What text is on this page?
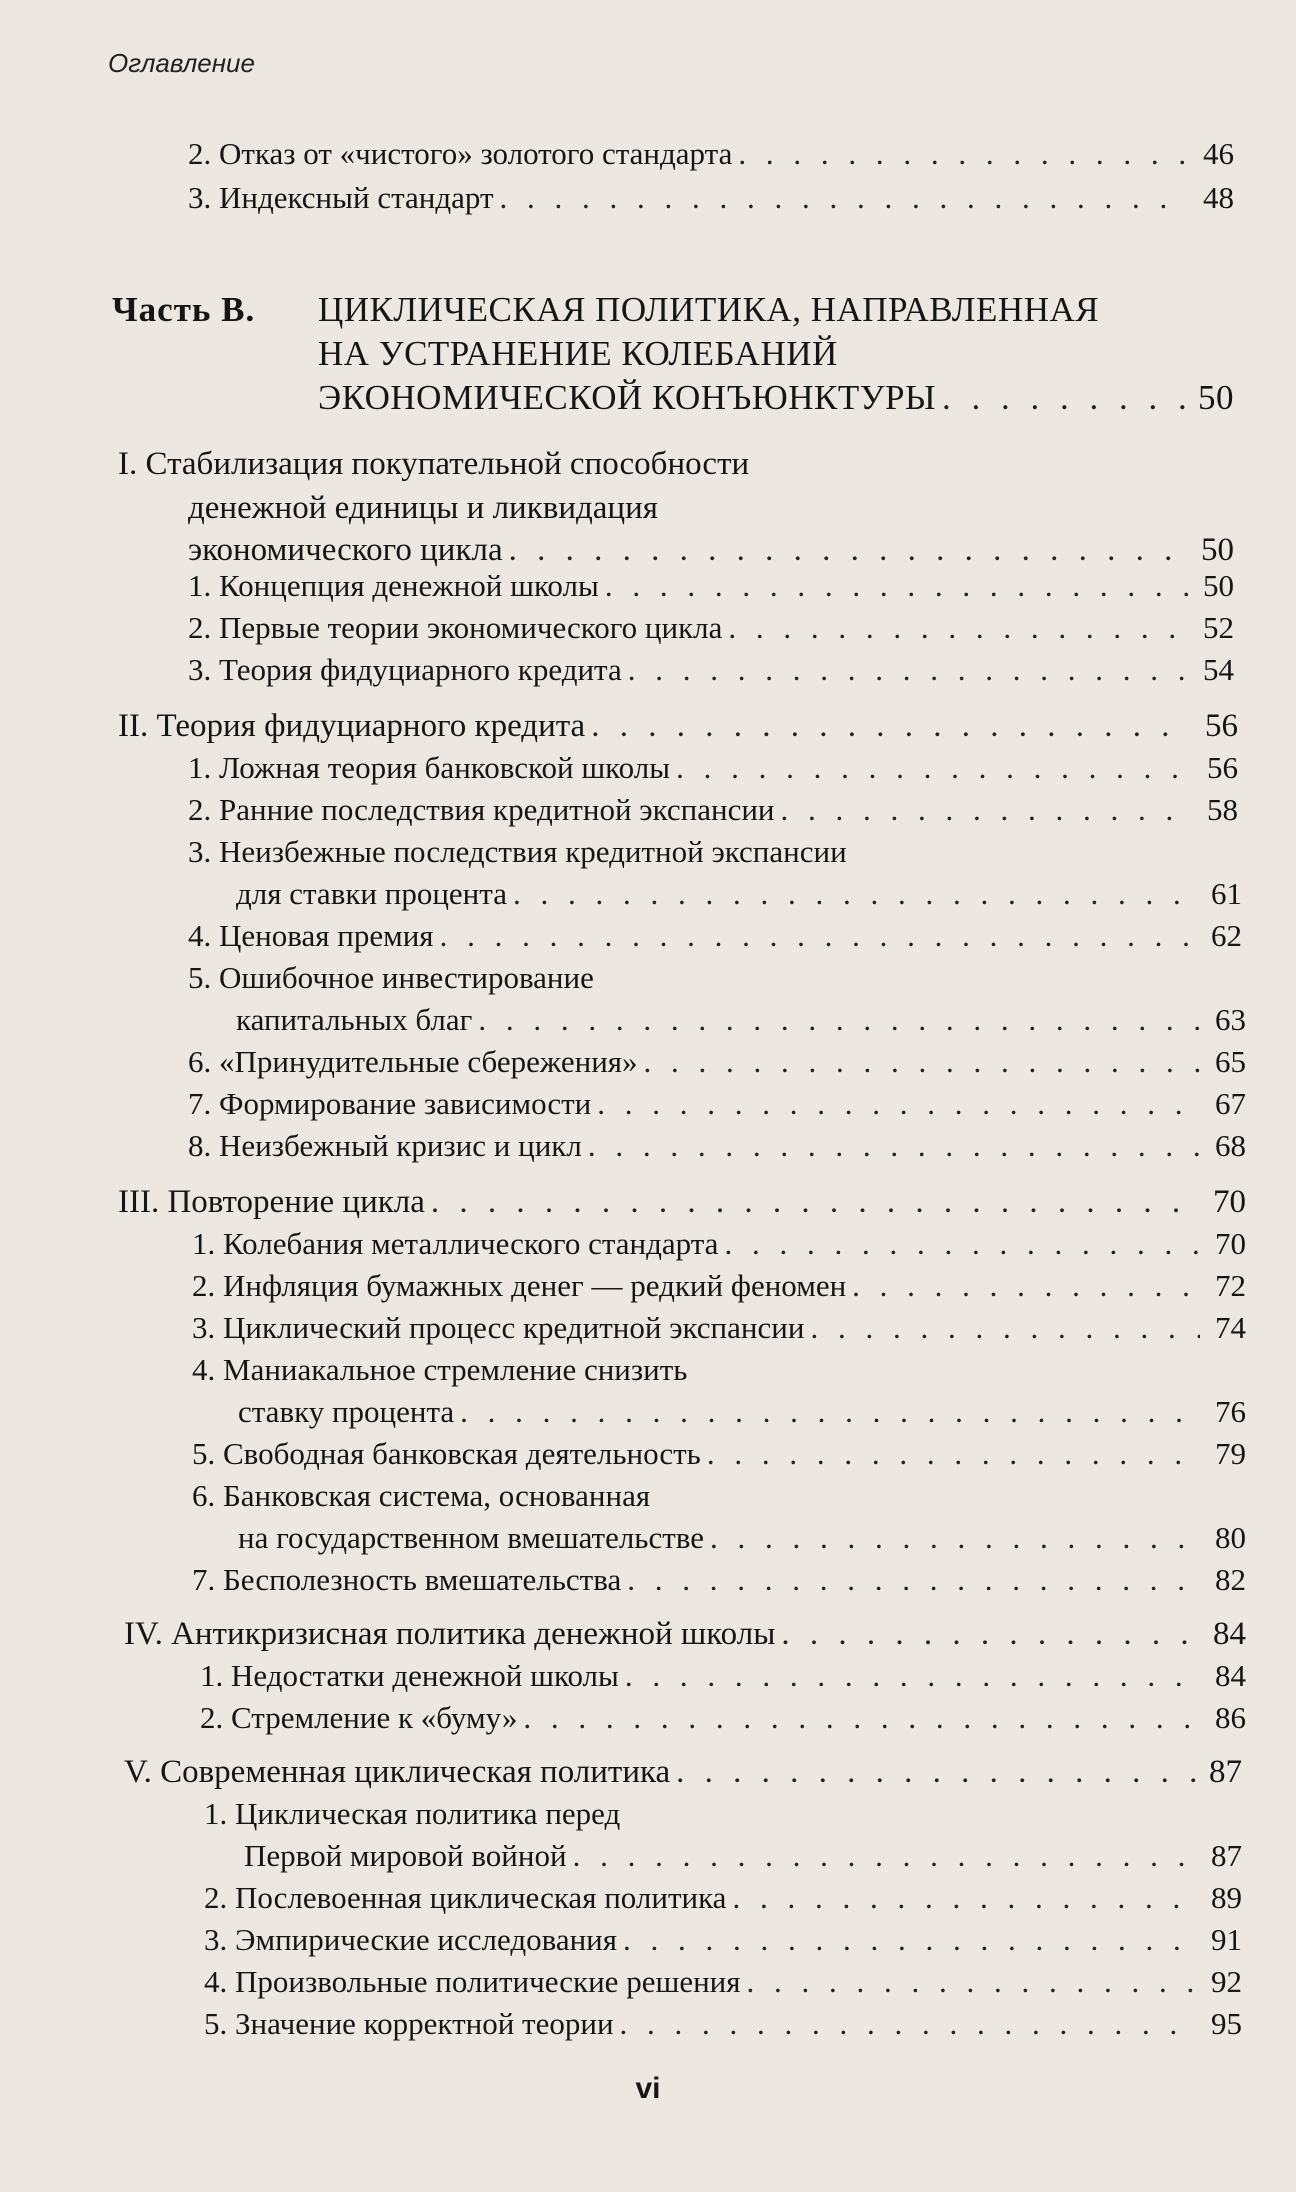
Оглавление
2. Отказ от «чистого» золотого стандарта . . .	46
3. Индексный стандарт . . .	48
Часть B. ЦИКЛИЧЕСКАЯ ПОЛИТИКА, НАПРАВЛЕННАЯ
НА УСТРАНЕНИЕ КОЛЕБАНИЙ
ЭКОНОМИЧЕСКОЙ КОНЪЮНКТУРЫ . . .	50
I. Стабилизация покупательной способности
денежной единицы и ликвидация
экономического цикла . . .	50
1. Концепция денежной школы . . .	50
2. Первые теории экономического цикла . . .	52
3. Теория фидуциарного кредита . . .	54
II. Теория фидуциарного кредита . . .	56
1. Ложная теория банковской школы . . .	56
2. Ранние последствия кредитной экспансии . . .	58
3. Неизбежные последствия кредитной экспансии
для ставки процента . . .	61
4. Ценовая премия . . .	62
5. Ошибочное инвестирование
капитальных благ . . .	63
6. «Принудительные сбережения» . . .	65
7. Формирование зависимости . . .	67
8. Неизбежный кризис и цикл . . .	68
III. Повторение цикла . . .	70
1. Колебания металлического стандарта . . .	70
2. Инфляция бумажных денег — редкий феномен . . .	72
3. Циклический процесс кредитной экспансии . . .	74
4. Маниакальное стремление снизить
ставку процента . . .	76
5. Свободная банковская деятельность . . .	79
6. Банковская система, основанная
на государственном вмешательстве . . .	80
7. Бесполезность вмешательства . . .	82
IV. Антикризисная политика денежной школы . . .	84
1. Недостатки денежной школы . . .	84
2. Стремление к «буму» . . .	86
V. Современная циклическая политика . . .	87
1. Циклическая политика перед
Первой мировой войной . . .	87
2. Послевоенная циклическая политика . . .	89
3. Эмпирические исследования . . .	91
4. Произвольные политические решения . . .	92
5. Значение корректной теории . . .	95
vi
